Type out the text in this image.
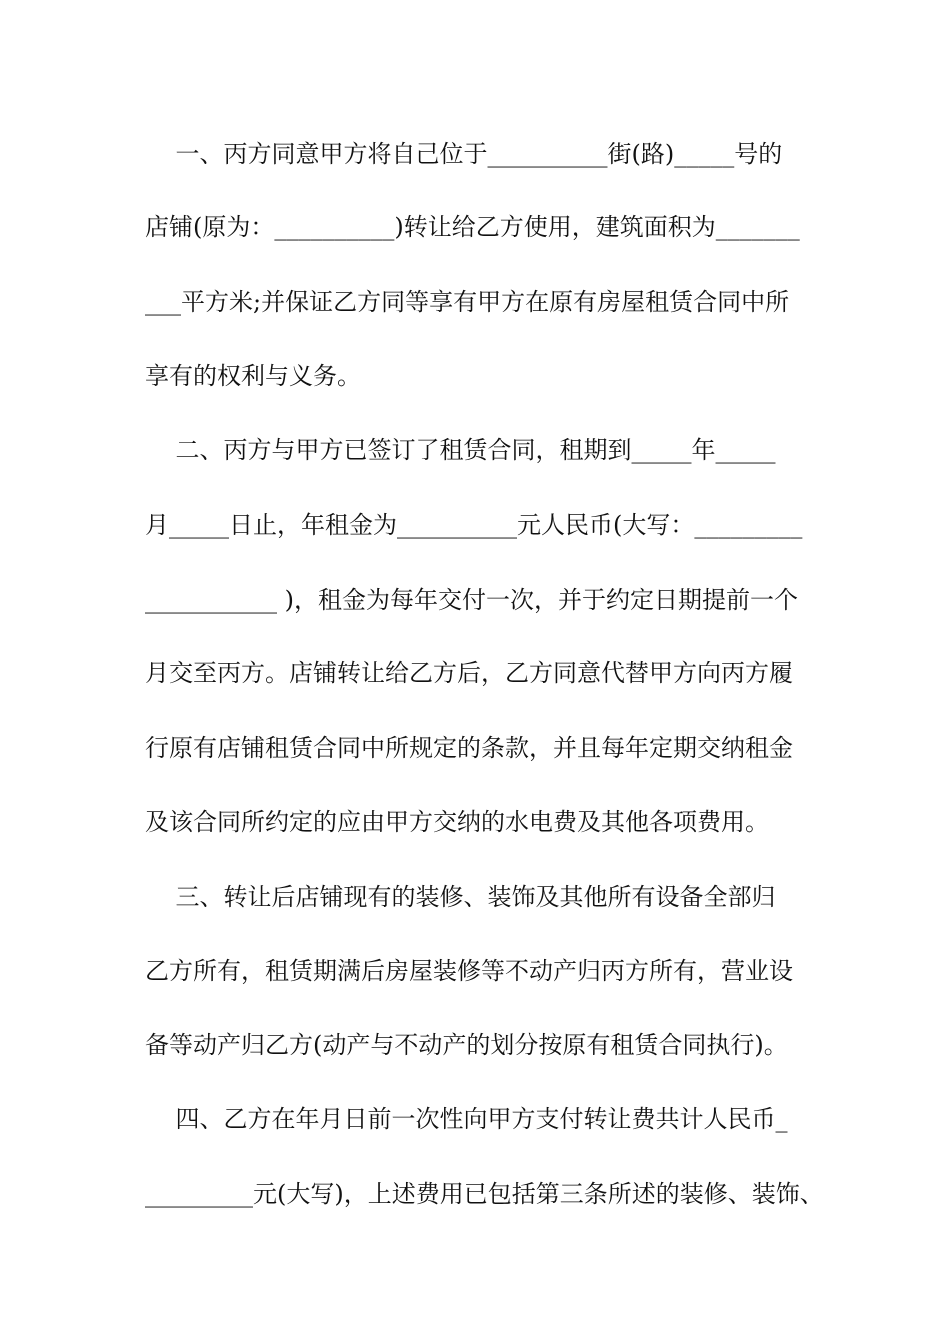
一、丙方同意甲方将自己位于__________街(路)_____号的
店铺(原为：__________)转让给乙方使用，建筑面积为_______
___平方米;并保证乙方同等享有甲方在原有房屋租赁合同中所
享有的权利与义务。
二、丙方与甲方已签订了租赁合同，租期到_____年_____
月_____日止，年租金为__________元人民币(大写：_________
___________ )，租金为每年交付一次，并于约定日期提前一个
月交至丙方。店铺转让给乙方后，乙方同意代替甲方向丙方履
行原有店铺租赁合同中所规定的条款，并且每年定期交纳租金
及该合同所约定的应由甲方交纳的水电费及其他各项费用。
三、转让后店铺现有的装修、装饰及其他所有设备全部归
乙方所有，租赁期满后房屋装修等不动产归丙方所有，营业设
备等动产归乙方(动产与不动产的划分按原有租赁合同执行)。
四、乙方在年月日前一次性向甲方支付转让费共计人民币_
_________元(大写)，上述费用已包括第三条所述的装修、装饰、
